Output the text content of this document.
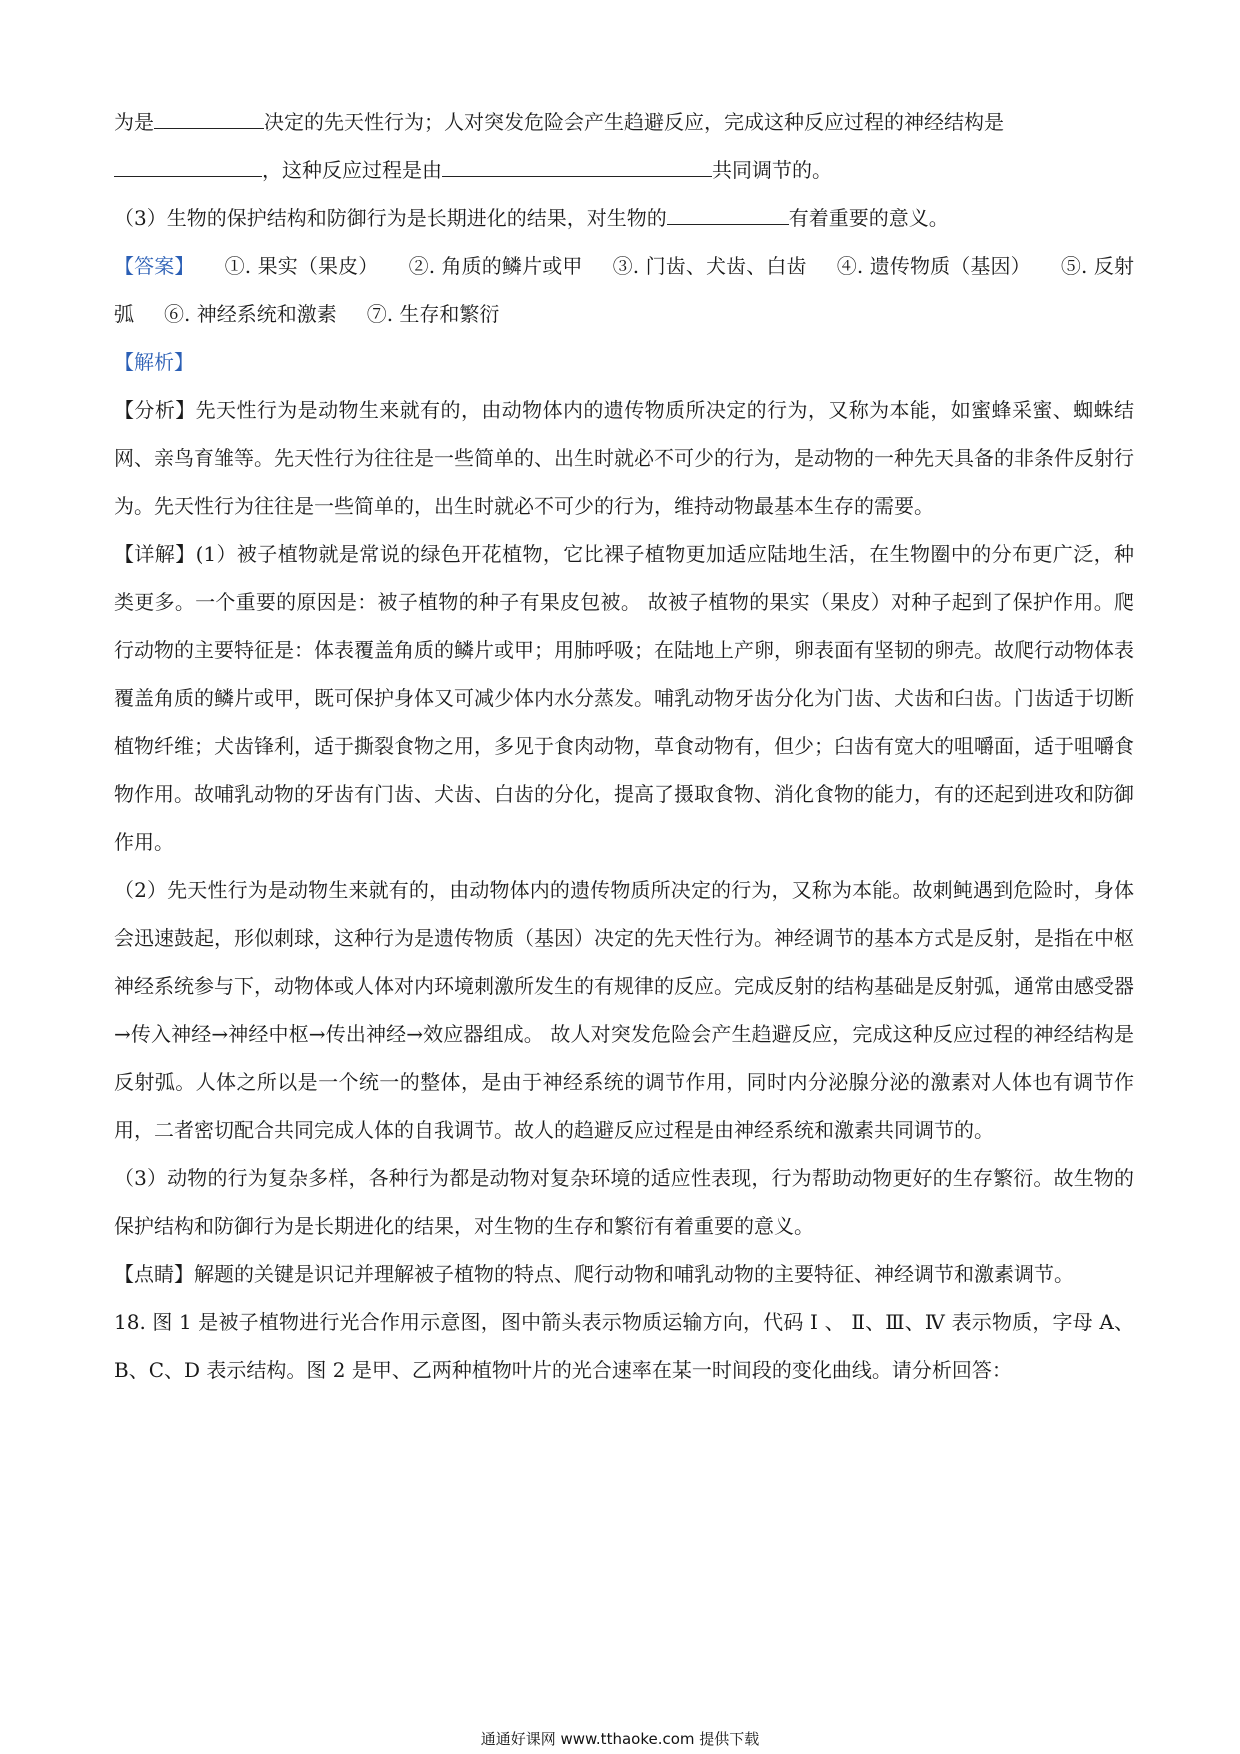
为是	决定的先天性行为；人对突发危险会产生趋避反应，完成这种反应过程的神经结构是

，这种反应过程是由	共同调节的。

（3）生物的保护结构和防御行为是长期进化的结果，对生物的	有着重要的意义。

【答案】 ①. 果实（果皮） ②. 角质的鳞片或甲 ③. 门齿、犬齿、白齿 ④. 遗传物质（基因） ⑤. 反射弧 ⑥. 神经系统和激素 ⑦. 生存和繁衍

【解析】

【分析】先天性行为是动物生来就有的，由动物体内的遗传物质所决定的行为，又称为本能，如蜜蜂采蜜、蜘蛛结网、亲鸟育雏等。先天性行为往往是一些简单的、出生时就必不可少的行为，是动物的一种先天具备的非条件反射行为。先天性行为往往是一些简单的，出生时就必不可少的行为，维持动物最基本生存的需要。

【详解】(1）被子植物就是常说的绿色开花植物，它比裸子植物更加适应陆地生活，在生物圈中的分布更广泛，种类更多。一个重要的原因是：被子植物的种子有果皮包被。 故被子植物的果实（果皮）对种子起到了保护作用。爬行动物的主要特征是：体表覆盖角质的鳞片或甲；用肺呼吸；在陆地上产卵，卵表面有坚韧的卵壳。故爬行动物体表覆盖角质的鳞片或甲，既可保护身体又可减少体内水分蒸发。哺乳动物牙齿分化为门齿、犬齿和臼齿。门齿适于切断植物纤维；犬齿锋利，适于撕裂食物之用，多见于食肉动物，草食动物有，但少；臼齿有宽大的咀嚼面，适于咀嚼食物作用。故哺乳动物的牙齿有门齿、犬齿、白齿的分化，提高了摄取食物、消化食物的能力，有的还起到进攻和防御作用。

（2）先天性行为是动物生来就有的，由动物体内的遗传物质所决定的行为，又称为本能。故刺鲀遇到危险时，身体会迅速鼓起，形似刺球，这种行为是遗传物质（基因）决定的先天性行为。神经调节的基本方式是反射，是指在中枢神经系统参与下，动物体或人体对内环境刺激所发生的有规律的反应。完成反射的结构基础是反射弧，通常由感受器→传入神经→神经中枢→传出神经→效应器组成。 故人对突发危险会产生趋避反应，完成这种反应过程的神经结构是反射弧。人体之所以是一个统一的整体，是由于神经系统的调节作用，同时内分泌腺分泌的激素对人体也有调节作用，二者密切配合共同完成人体的自我调节。故人的趋避反应过程是由神经系统和激素共同调节的。

（3）动物的行为复杂多样，各种行为都是动物对复杂环境的适应性表现，行为帮助动物更好的生存繁衍。故生物的保护结构和防御行为是长期进化的结果，对生物的生存和繁衍有着重要的意义。

【点睛】解题的关键是识记并理解被子植物的特点、爬行动物和哺乳动物的主要特征、神经调节和激素调节。

18. 图 1 是被子植物进行光合作用示意图，图中箭头表示物质运输方向，代码 Ⅰ 、 Ⅱ、Ⅲ、Ⅳ 表示物质，字母 A、B、C、D 表示结构。图 2 是甲、乙两种植物叶片的光合速率在某一时间段的变化曲线。请分析回答：

通通好课网 www.tthaoke.com 提供下载
